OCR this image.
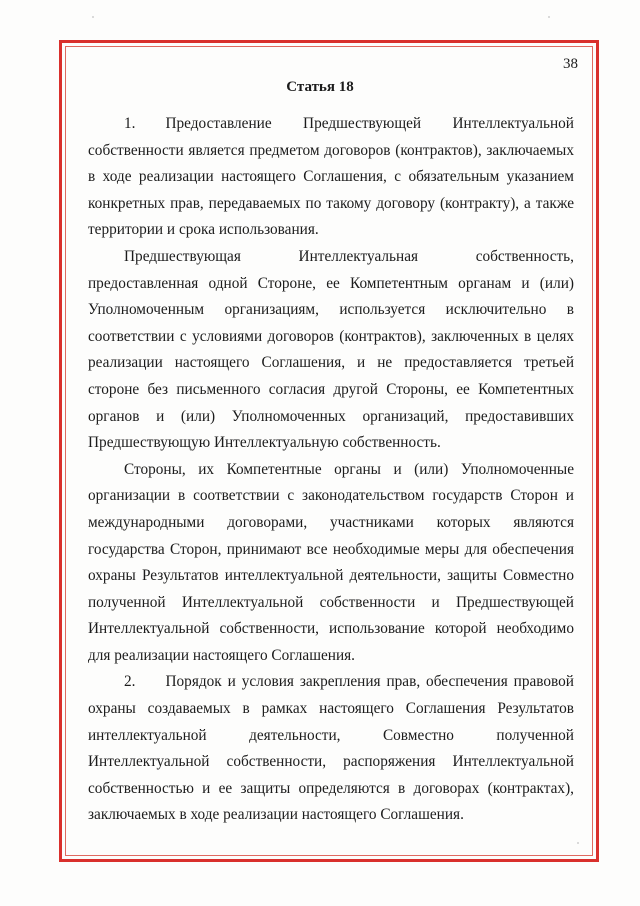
38
Статья 18

1. Предоставление Предшествующей Интеллектуальной собственности является предметом договоров (контрактов), заключаемых в ходе реализации настоящего Соглашения, с обязательным указанием конкретных прав, передаваемых по такому договору (контракту), а также территории и срока использования.

Предшествующая Интеллектуальная собственность, предоставленная одной Стороне, ее Компетентным органам и (или) Уполномоченным организациям, используется исключительно в соответствии с условиями договоров (контрактов), заключенных в целях реализации настоящего Соглашения, и не предоставляется третьей стороне без письменного согласия другой Стороны, ее Компетентных органов и (или) Уполномоченных организаций, предоставивших Предшествующую Интеллектуальную собственность.

Стороны, их Компетентные органы и (или) Уполномоченные организации в соответствии с законодательством государств Сторон и международными договорами, участниками которых являются государства Сторон, принимают все необходимые меры для обеспечения охраны Результатов интеллектуальной деятельности, защиты Совместно полученной Интеллектуальной собственности и Предшествующей Интеллектуальной собственности, использование которой необходимо для реализации настоящего Соглашения.

2. Порядок и условия закрепления прав, обеспечения правовой охраны создаваемых в рамках настоящего Соглашения Результатов интеллектуальной деятельности, Совместно полученной Интеллектуальной собственности, распоряжения Интеллектуальной собственностью и ее защиты определяются в договорах (контрактах), заключаемых в ходе реализации настоящего Соглашения.
